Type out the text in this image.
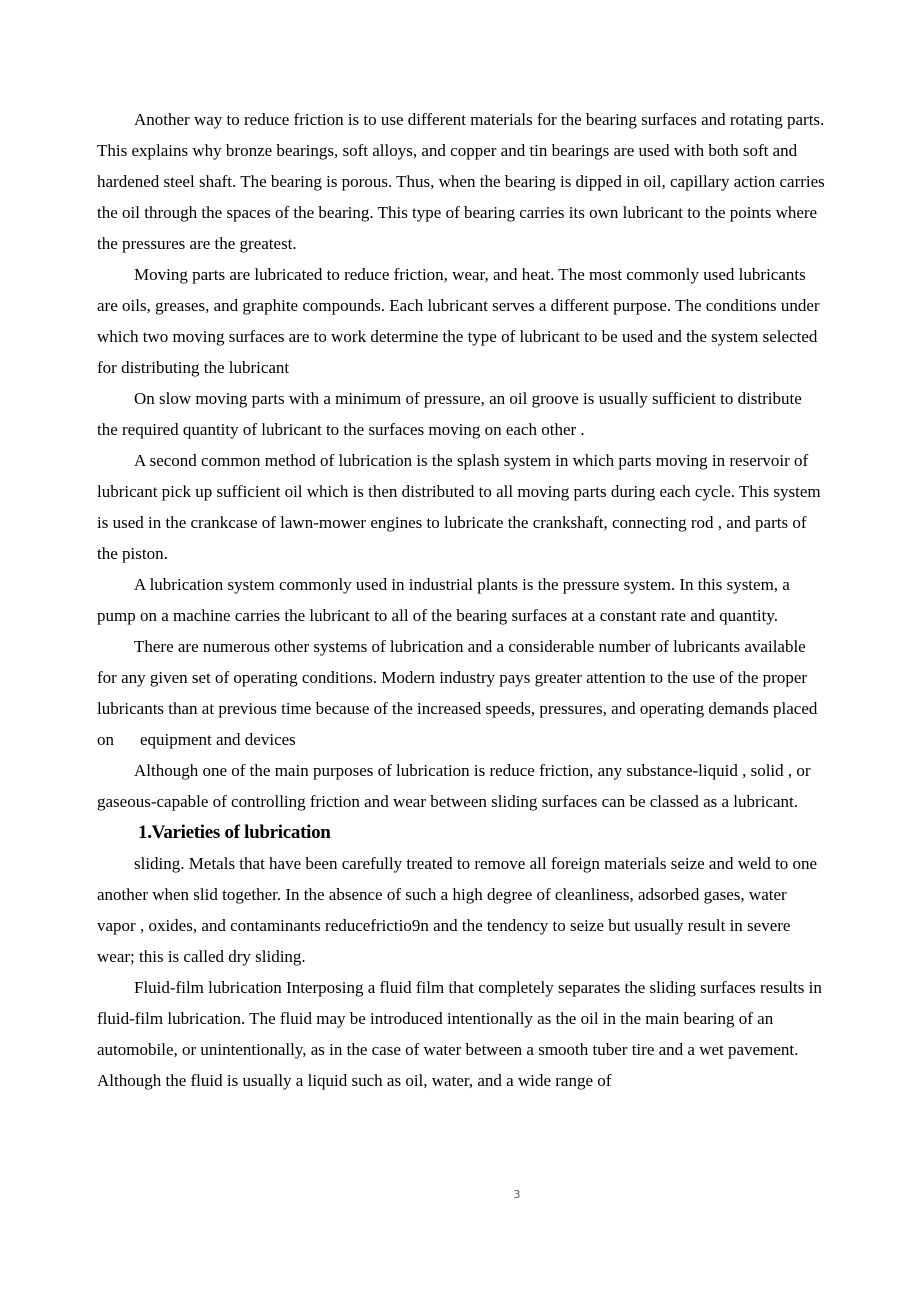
Another way to reduce friction is to use different materials for the bearing surfaces and rotating parts. This explains why bronze bearings, soft alloys, and copper and tin bearings are used with both soft and hardened steel shaft. The bearing is porous. Thus, when the bearing is dipped in oil, capillary action carries the oil through the spaces of the bearing. This type of bearing carries its own lubricant to the points where the pressures are the greatest.

Moving parts are lubricated to reduce friction, wear, and heat. The most commonly used lubricants are oils, greases, and graphite compounds. Each lubricant serves a different purpose. The conditions under which two moving surfaces are to work determine the type of lubricant to be used and the system selected for distributing the lubricant

On slow moving parts with a minimum of pressure, an oil groove is usually sufficient to distribute the required quantity of lubricant to the surfaces moving on each other .

A second common method of lubrication is the splash system in which parts moving in reservoir of lubricant pick up sufficient oil which is then distributed to all moving parts during each cycle. This system is used in the crankcase of lawn-mower engines to lubricate the crankshaft, connecting rod , and parts of the piston.

A lubrication system commonly used in industrial plants is the pressure system. In this system, a pump on a machine carries the lubricant to all of the bearing surfaces at a constant rate and quantity.

There are numerous other systems of lubrication and a considerable number of lubricants available for any given set of operating conditions. Modern industry pays greater attention to the use of the proper lubricants than at previous time because of the increased speeds, pressures, and operating demands placed on equipment and devices

Although one of the main purposes of lubrication is reduce friction, any substance-liquid , solid , or gaseous-capable of controlling friction and wear between sliding surfaces can be classed as a lubricant.

1.Varieties of lubrication

sliding. Metals that have been carefully treated to remove all foreign materials seize and weld to one another when slid together. In the absence of such a high degree of cleanliness, adsorbed gases, water vapor , oxides, and contaminants reducefrictio9n and the tendency to seize but usually result in severe wear; this is called dry sliding.

Fluid-film lubrication Interposing a fluid film that completely separates the sliding surfaces results in fluid-film lubrication. The fluid may be introduced intentionally as the oil in the main bearing of an automobile, or unintentionally, as in the case of water between a smooth tuber tire and a wet pavement. Although the fluid is usually a liquid such as oil, water, and a wide range of

3
